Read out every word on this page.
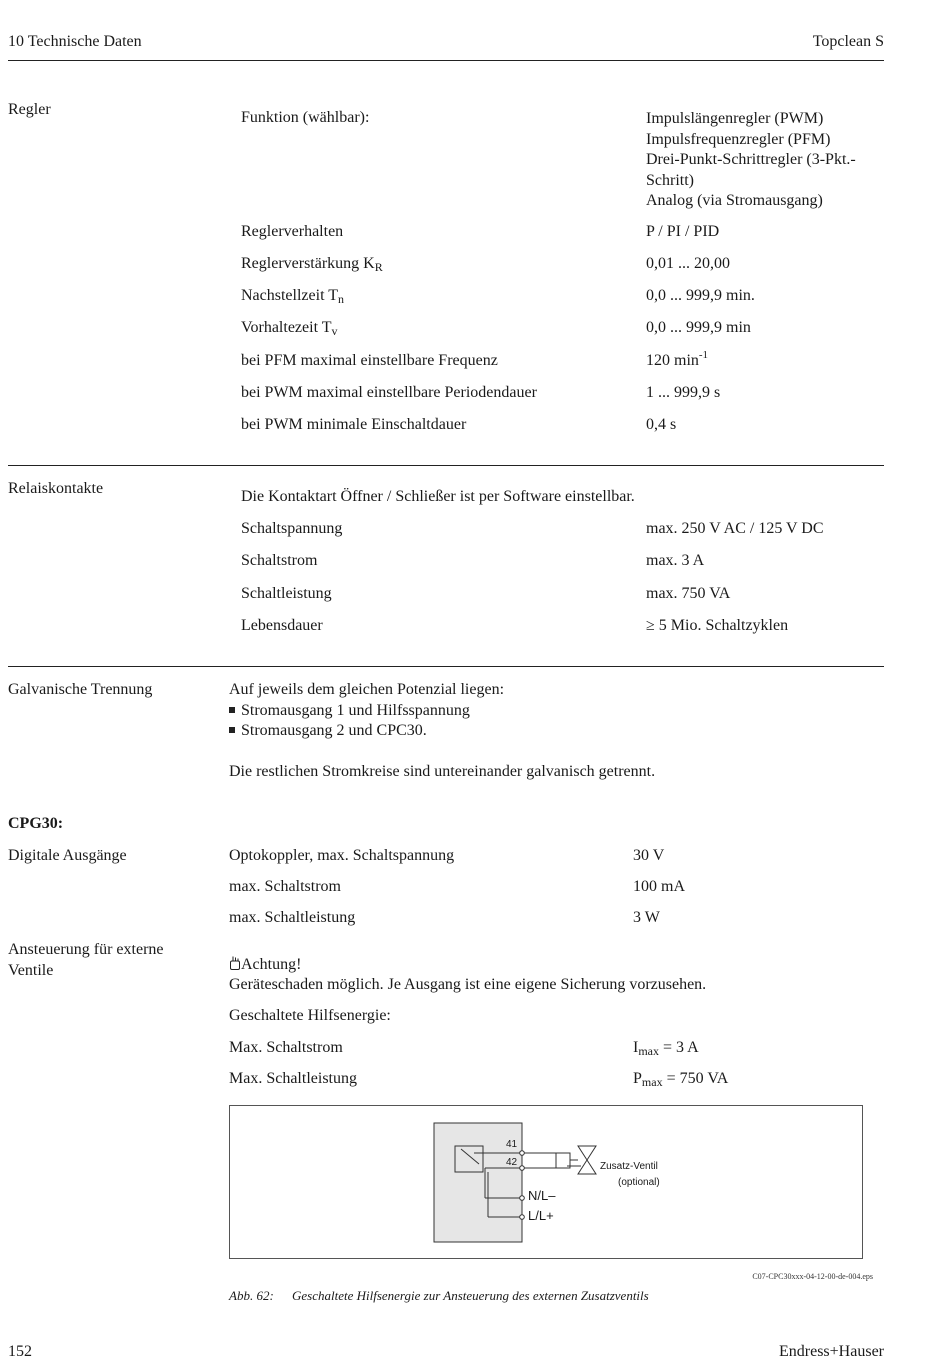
10 Technische Daten	Topclean S
Regler	Funktion (wählbar):	Impulslängenregler (PWM)
Impulsfrequenzregler (PFM)
Drei-Punkt-Schrittregler (3-Pkt.-
Schritt)
Analog (via Stromausgang)
Reglerverhalten	P / PI / PID
Reglerverstärkung $K_R$	0,01 ... 20,00
Nachstellzeit $T_n$	0,0 ... 999,9 min.
Vorhaltezeit $T_v$	0,0 ... 999,9 min
bei PFM maximal einstellbare Frequenz	120 $\min^{-1}$
bei PWM maximal einstellbare Periodendauer	1 ... 999,9 s
bei PWM minimale Einschaltdauer	0,4 s
Relaiskontakte	Die Kontaktart Öffner / Schließer ist per Software einstellbar.
Schaltspannung	max. 250 V AC / 125 V DC
Schaltstrom	max. 3 A
Schaltleistung	max. 750 VA
Lebensdauer	≥ 5 Mio. Schaltzyklen
Galvanische Trennung	Auf jeweils dem gleichen Potenzial liegen:
Stromausgang 1 und Hilfsspannung
Stromausgang 2 und CPC30.
Die restlichen Stromkreise sind untereinander galvanisch getrennt.
CPG30:
Digitale Ausgänge	Optokoppler, max. Schaltspannung	30 V
max. Schaltstrom	100 mA
max. Schaltleistung	3 W
Ansteuerung für externe
Ventile	Achtung!
Geräteschaden möglich. Je Ausgang ist eine eigene Sicherung vorzusehen.
Geschaltete Hilfsenergie:
Max. Schaltstrom	$I_{max} = 3$ A
Max. Schaltleistung	$P_{max} = 750$ VA
41
42
N/L–
L/L+
Zusatz-Ventil
(optional)
C07-CPC30xxx-04-12-00-de-004.eps
Abb. 62: Geschaltete Hilfsenergie zur Ansteuerung des externen Zusatzventils
152	Endress+Hauser
